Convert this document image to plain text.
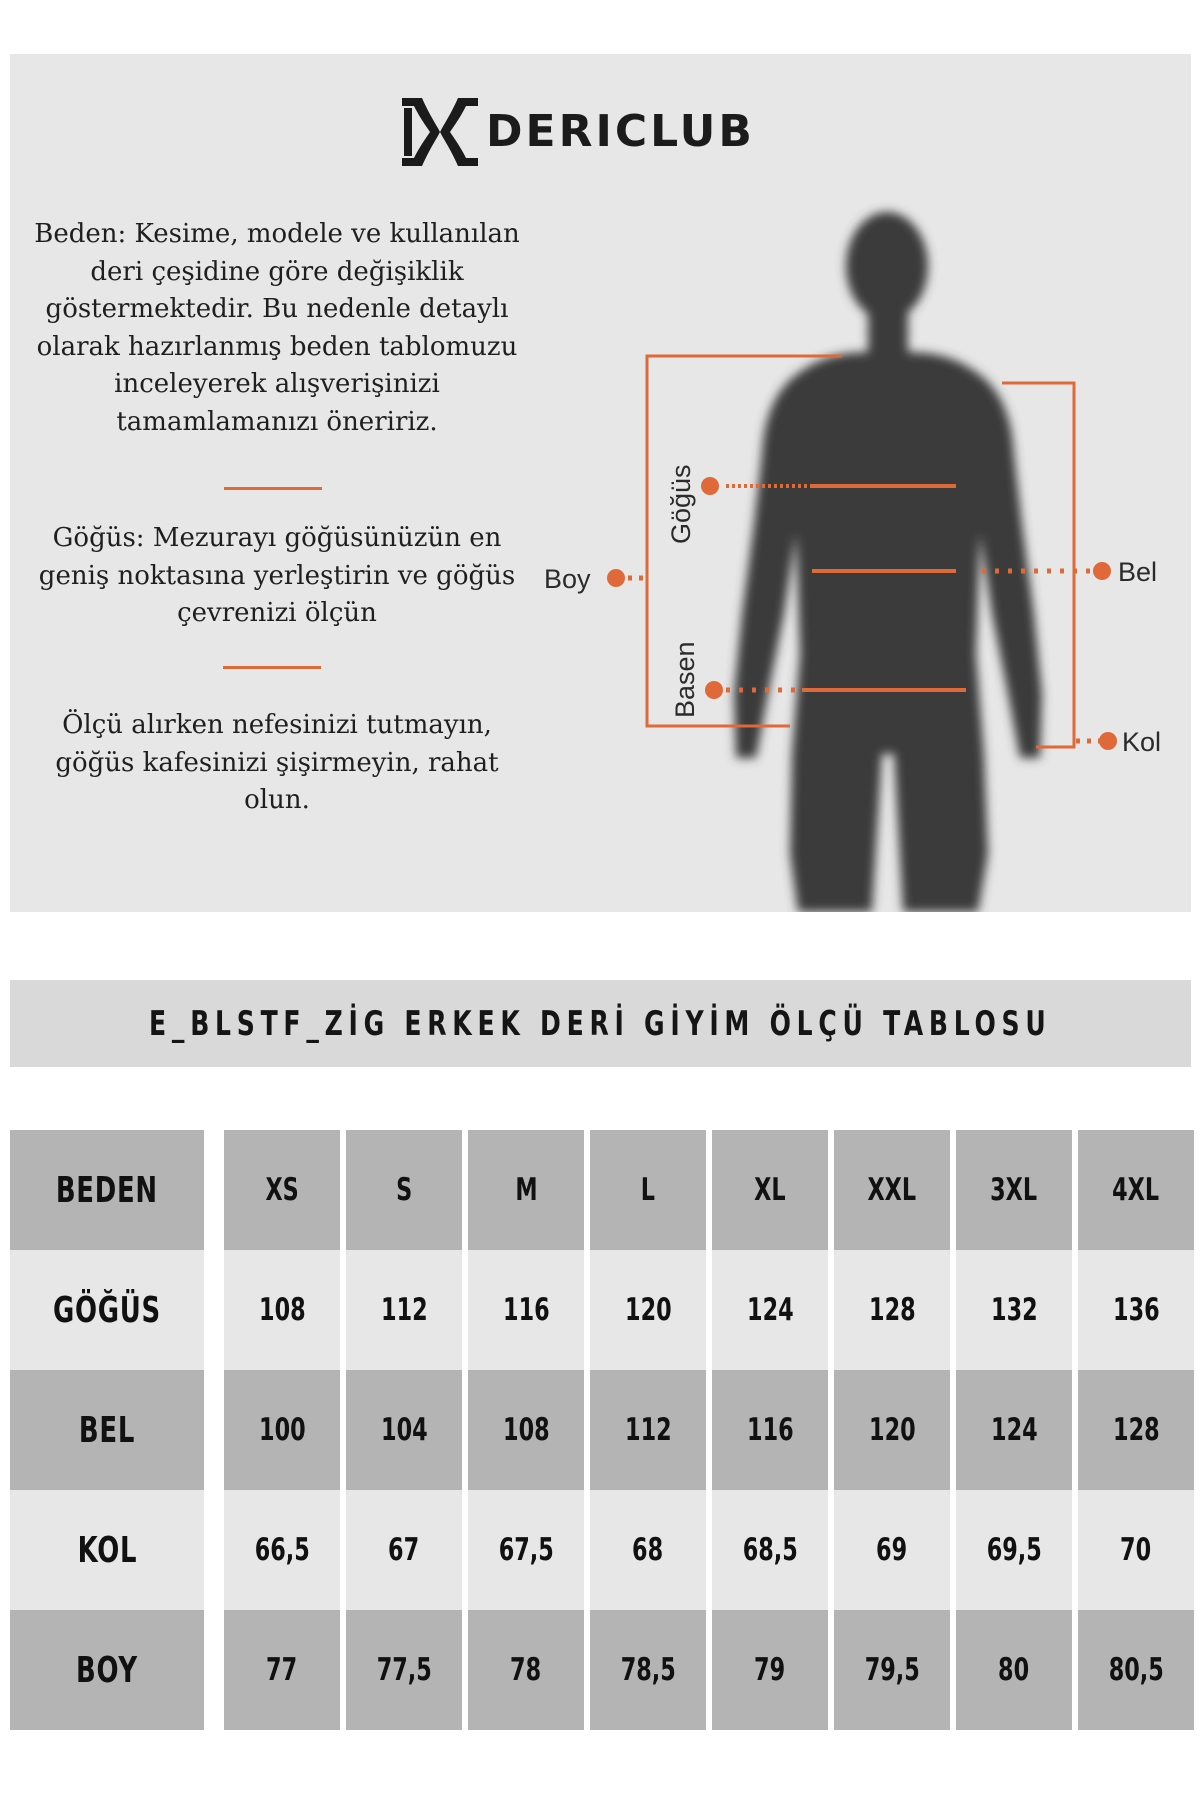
DERICLUB
Beden: Kesime, modele ve kullanılan deri çeşidine göre değişiklik göstermektedir. Bu nedenle detaylı olarak hazırlanmış beden tablomuzu inceleyerek alışverişinizi tamamlamanızı öneririz.
Göğüs: Mezurayı göğüsünüzün en geniş noktasına yerleştirin ve göğüs çevrenizi ölçün
Ölçü alırken nefesinizi tutmayın, göğüs kafesinizi şişirmeyin, rahat olun.
Göğüs
Basen
Boy	Bel
Kol
E_BLSTF_ZİG ERKEK DERİ GİYİM ÖLÇÜ TABLOSU
BEDEN	XS	S	M	L	XL	XXL 3XL 4XL
GÖĞÜS	108 112 116 120 124 128 132 136
BEL	100 104 108 112 116 120 124 128
KOL	66,5	67	67,5	68	68,5	69	69,5	70
BOY	77	77,5	78	78,5	79	79,5	80	80,5
